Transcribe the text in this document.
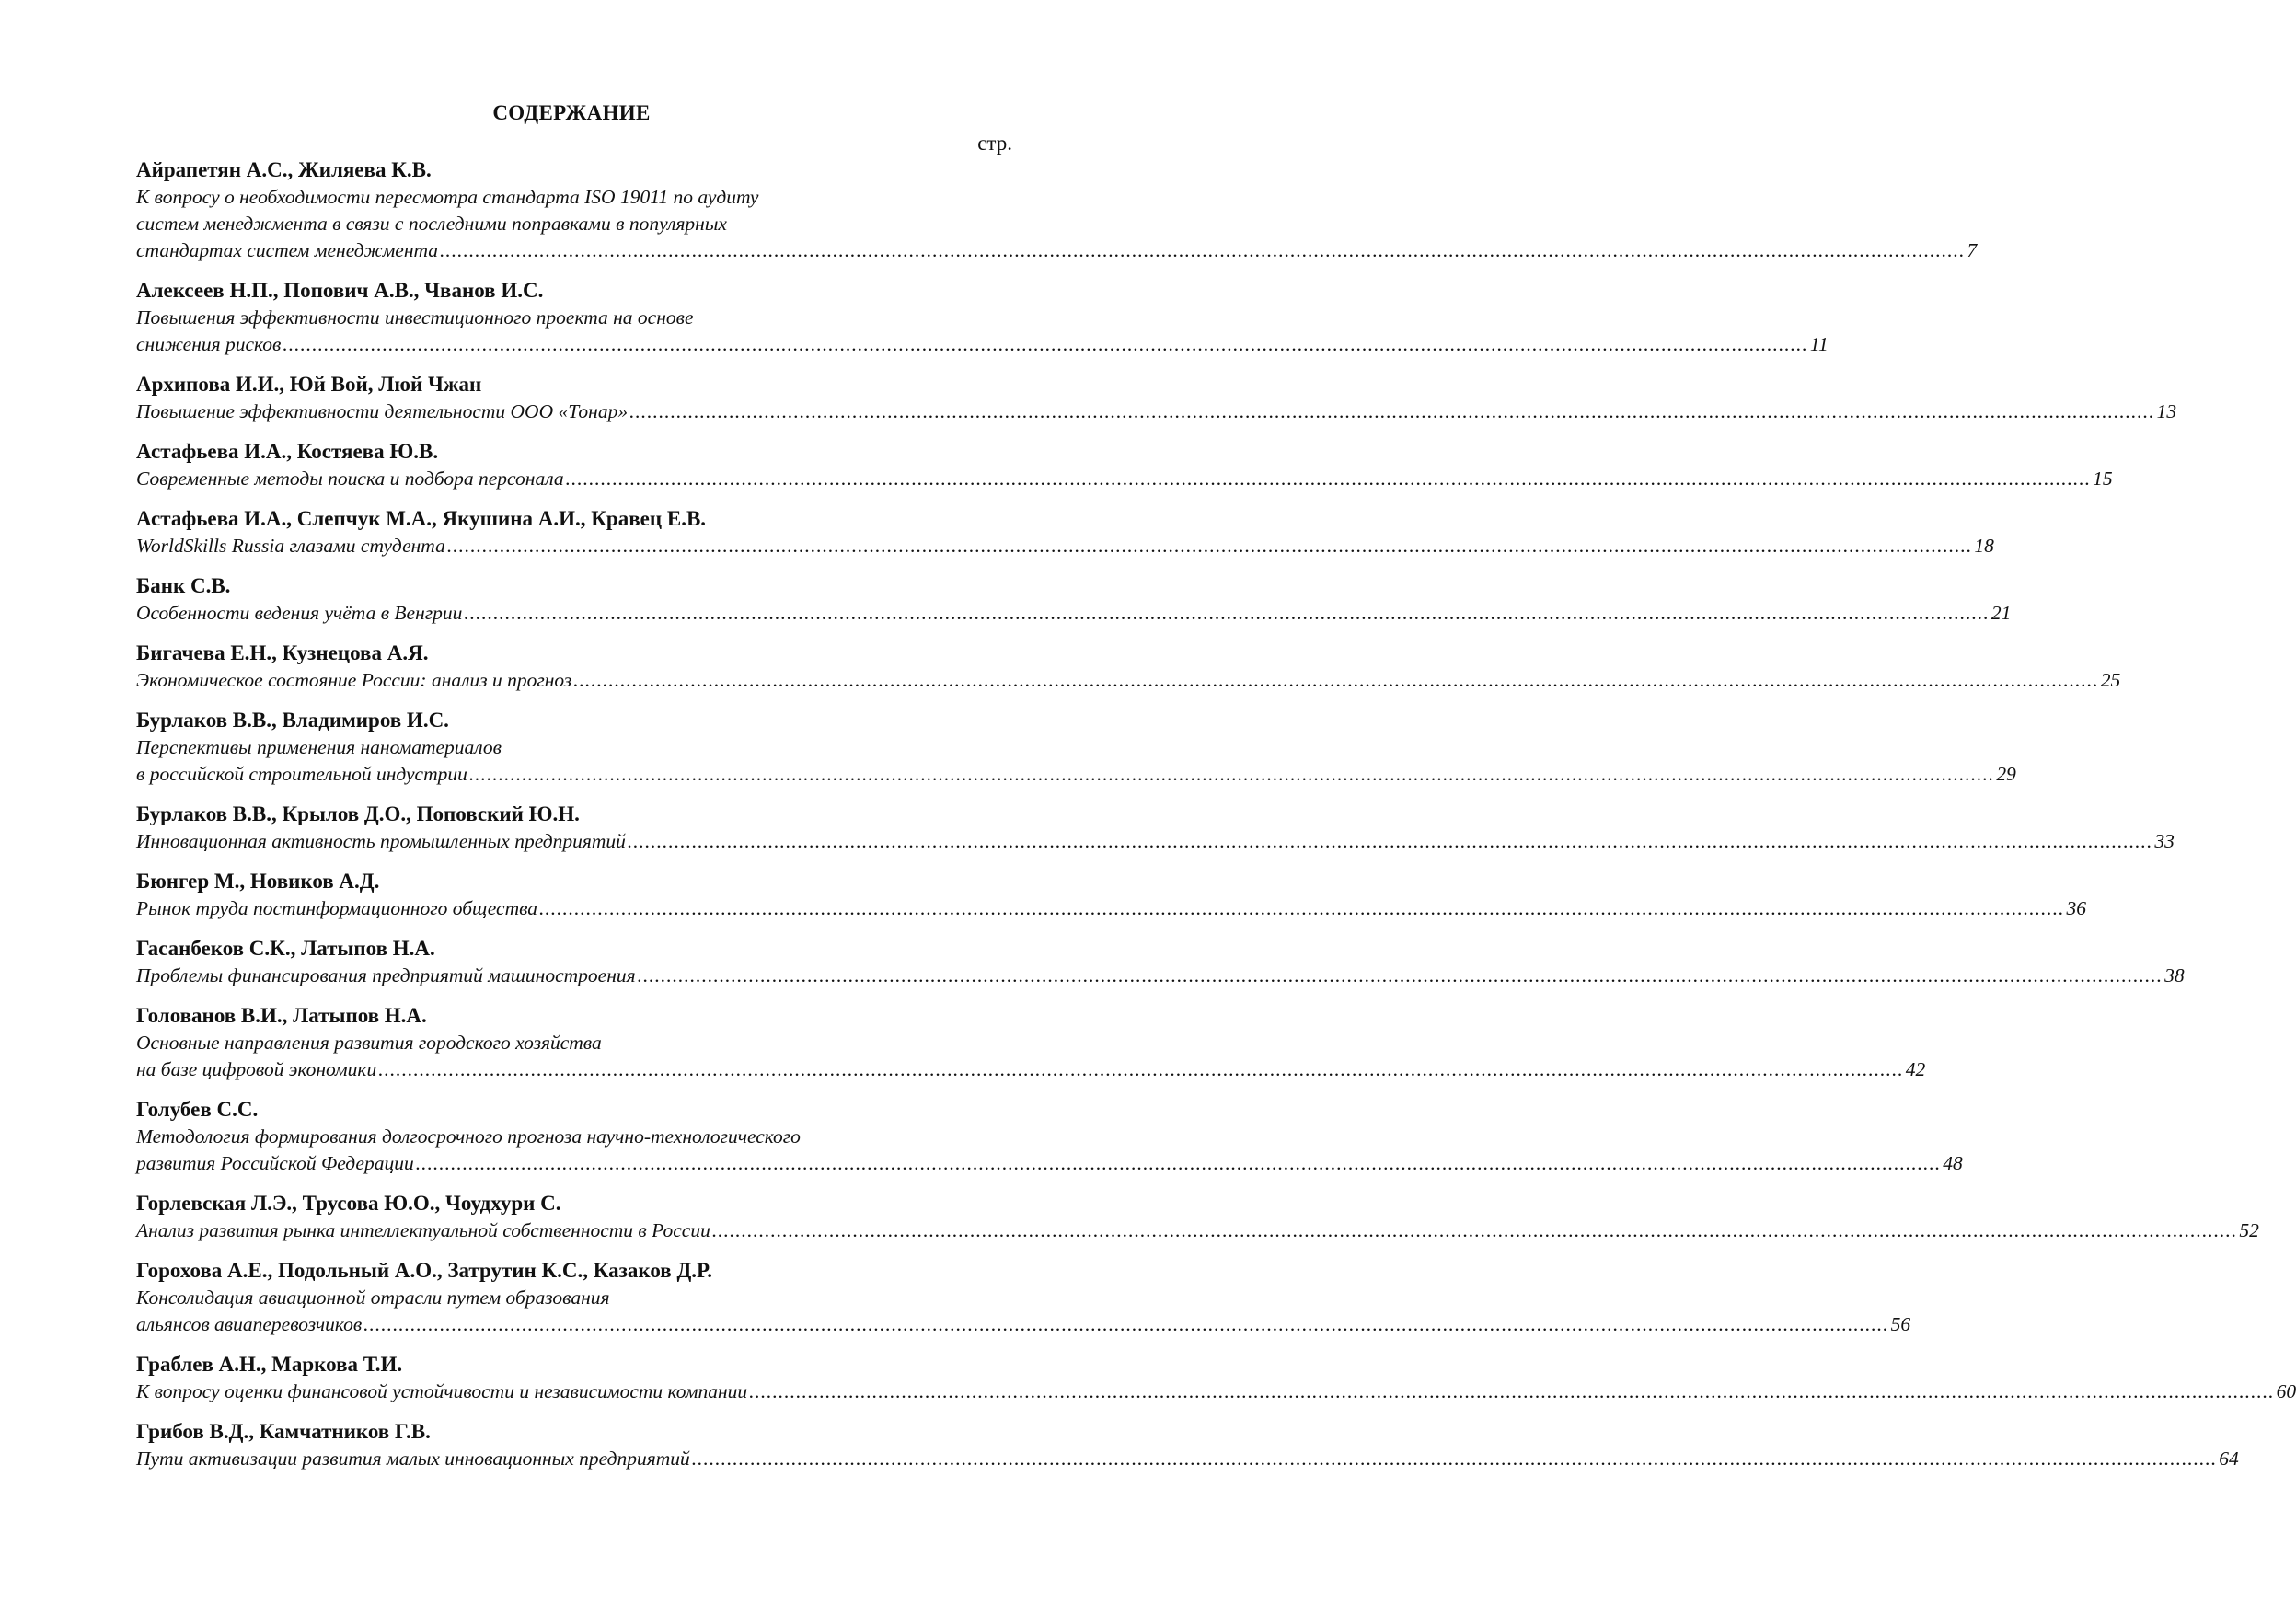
СОДЕРЖАНИЕ
стр.
Айрапетян А.С., Жиляева К.В.
К вопросу о необходимости пересмотра стандарта ISO 19011 по аудиту
систем менеджмента в связи с последними поправками в популярных
стандартах систем менеджмента .................................................................................................................................................................................................................................................................... 7
Алексеев Н.П., Попович А.В., Чванов И.С.
Повышения эффективности инвестиционного проекта на основе
снижения рисков .................................................................................................................................................................................................................................................................... 11
Архипова И.И., Юй Вой, Люй Чжан
Повышение эффективности деятельности ООО «Тонар» .................................................................................................................................................................................................................................................................... 13
Астафьева И.А., Костяева Ю.В.
Современные методы поиска и подбора персонала .................................................................................................................................................................................................................................................................... 15
Астафьева И.А., Слепчук М.А., Якушина А.И., Кравец Е.В.
WorldSkills Russia глазами студента .................................................................................................................................................................................................................................................................... 18
Банк С.В.
Особенности ведения учёта в Венгрии .................................................................................................................................................................................................................................................................... 21
Бигачева Е.Н., Кузнецова А.Я.
Экономическое состояние России: анализ и прогноз .................................................................................................................................................................................................................................................................... 25
Бурлаков В.В., Владимиров И.С.
Перспективы применения наноматериалов
в российской строительной индустрии .................................................................................................................................................................................................................................................................... 29
Бурлаков В.В., Крылов Д.О., Поповский Ю.Н.
Инновационная активность промышленных предприятий .................................................................................................................................................................................................................................................................... 33
Бюнгер М., Новиков А.Д.
Рынок труда постинформационного общества .................................................................................................................................................................................................................................................................... 36
Гасанбеков С.К., Латыпов Н.А.
Проблемы финансирования предприятий машиностроения .................................................................................................................................................................................................................................................................... 38
Голованов В.И., Латыпов Н.А.
Основные направления развития городского хозяйства
на базе цифровой экономики .................................................................................................................................................................................................................................................................... 42
Голубев С.С.
Методология формирования долгосрочного прогноза научно-технологического
развития Российской Федерации .................................................................................................................................................................................................................................................................... 48
Горлевская Л.Э., Трусова Ю.О., Чоудхури С.
Анализ развития рынка интеллектуальной собственности в России .................................................................................................................................................................................................................................................................... 52
Горохова А.Е., Подольный А.О., Затрутин К.С., Казаков Д.Р.
Консолидация авиационной отрасли путем образования
альянсов авиаперевозчиков .................................................................................................................................................................................................................................................................... 56
Граблев А.Н., Маркова Т.И.
К вопросу оценки финансовой устойчивости и независимости компании .................................................................................................................................................................................................................................................................... 60
Грибов В.Д., Камчатников Г.В.
Пути активизации развития малых инновационных предприятий .................................................................................................................................................................................................................................................................... 64
